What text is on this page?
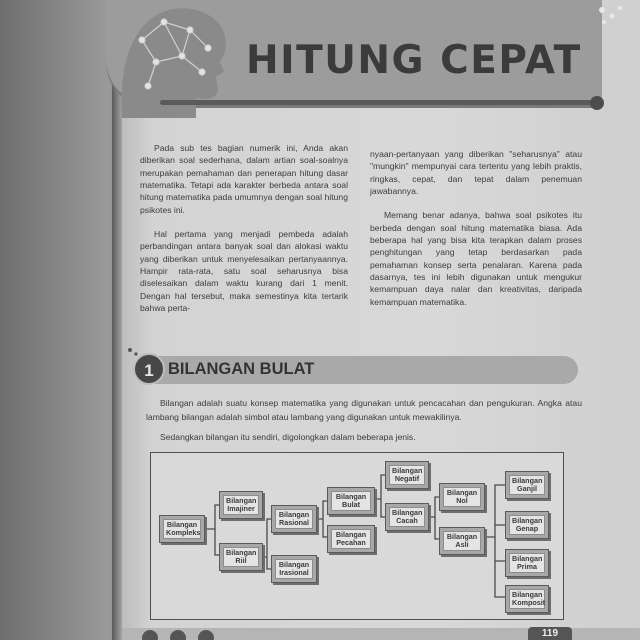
HITUNG CEPAT

Pada sub tes bagian numerik ini, Anda akan diberikan soal sederhana, dalam artian soal-soalnya merupakan pemahaman dan penerapan hitung dasar matematika. Tetapi ada karakter berbeda antara soal hitung matematika pada umumnya dengan soal hitung psikotes ini.

Hal pertama yang menjadi pembeda adalah perbandingan antara banyak soal dan alokasi waktu yang diberikan untuk menyelesaikan pertanyaannya. Hampir rata-rata, satu soal seharusnya bisa diselesaikan dalam waktu kurang dari 1 menit. Dengan hal tersebut, maka semestinya kita tertarik bahwa perta-

nyaan-pertanyaan yang diberikan "seharusnya" atau "mungkin" mempunyai cara tertentu yang lebih praktis, ringkas, cepat, dan tepat dalam penemuan jawabannya.

Memang benar adanya, bahwa soal psikotes itu berbeda dengan soal hitung matematika biasa. Ada beberapa hal yang bisa kita terapkan dalam proses penghitungan yang tetap berdasarkan pada pemahaman konsep serta penalaran. Karena pada dasarnya, tes ini lebih digunakan untuk mengukur kemampuan daya nalar dan kreativitas, daripada kemampuan matematika.

1 BILANGAN BULAT
Bilangan adalah suatu konsep matematika yang digunakan untuk pencacahan dan pengukuran. Angka atau lambang bilangan adalah simbol atau lambang yang digunakan untuk mewakilinya.
Sedangkan bilangan itu sendiri, digolongkan dalam beberapa jenis.
Bilangan Kompleks
Bilangan Imajiner
Bilangan Riil
Bilangan Rasional
Bilangan Irasional
Bilangan Bulat
Bilangan Pecahan
Bilangan Negatif
Bilangan Cacah
Bilangan Nol
Bilangan Asli
Bilangan Ganjil
Bilangan Genap
Bilangan Prima
Bilangan Komposit
119
